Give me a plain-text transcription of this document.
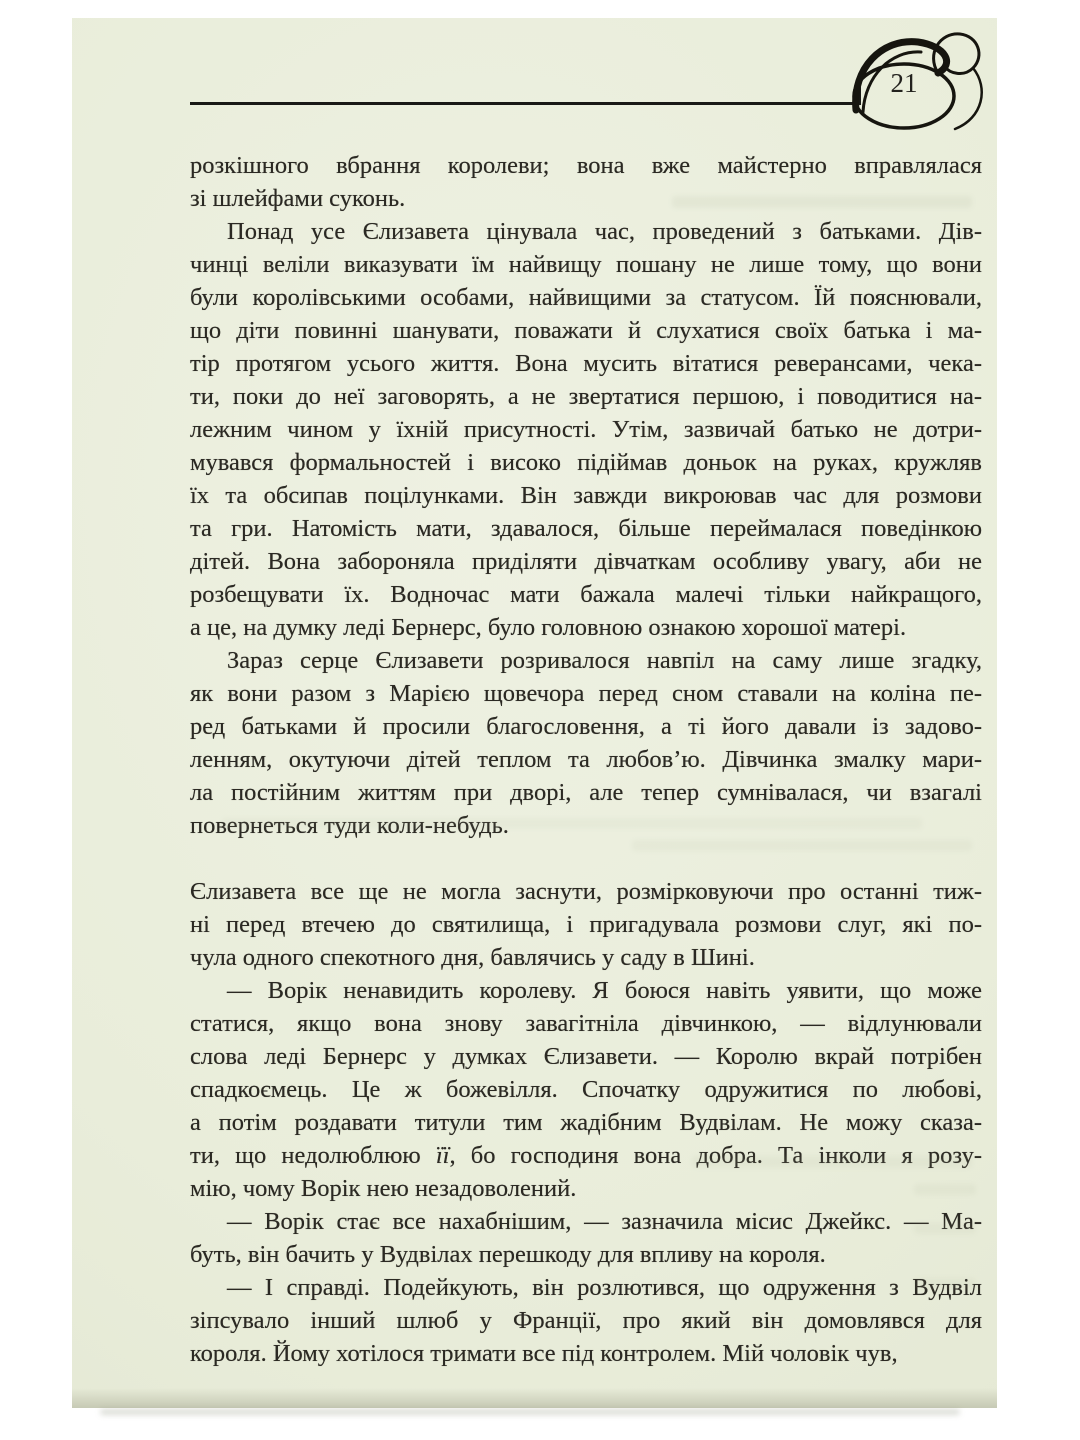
21
розкішного вбрання королеви; вона вже майстерно вправлялася
зі шлейфами суконь.
Понад усе Єлизавета цінувала час, проведений з батьками. Дів-
чинці веліли виказувати їм найвищу пошану не лише тому, що вони
були королівськими особами, найвищими за статусом. Їй пояснювали,
що діти повинні шанувати, поважати й слухатися своїх батька і ма-
тір протягом усього життя. Вона мусить вітатися реверансами, чека-
ти, поки до неї заговорять, а не звертатися першою, і поводитися на-
лежним чином у їхній присутності. Утім, зазвичай батько не дотри-
мувався формальностей і високо підіймав доньок на руках, кружляв
їх та обсипав поцілунками. Він завжди викроював час для розмови
та гри. Натомість мати, здавалося, більше переймалася поведінкою
дітей. Вона забороняла приділяти дівчаткам особливу увагу, аби не
розбещувати їх. Водночас мати бажала малечі тільки найкращого,
а це, на думку леді Бернерс, було головною ознакою хорошої матері.
Зараз серце Єлизавети розривалося навпіл на саму лише згадку,
як вони разом з Марією щовечора перед сном ставали на коліна пе-
ред батьками й просили благословення, а ті його давали із задово-
ленням, окутуючи дітей теплом та любов’ю. Дівчинка змалку мари-
ла постійним життям при дворі, але тепер сумнівалася, чи взагалі
повернеться туди коли-небудь.
Єлизавета все ще не могла заснути, розмірковуючи про останні тиж-
ні перед втечею до святилища, і пригадувала розмови слуг, які по-
чула одного спекотного дня, бавлячись у саду в Шині.
— Ворік ненавидить королеву. Я боюся навіть уявити, що може
статися, якщо вона знову завагітніла дівчинкою, — відлунювали
слова леді Бернерс у думках Єлизавети. — Королю вкрай потрібен
спадкоємець. Це ж божевілля. Спочатку одружитися по любові,
а потім роздавати титули тим жадібним Вудвілам. Не можу сказа-
ти, що недолюблюю її, бо господиня вона добра. Та інколи я розу-
мію, чому Ворік нею незадоволений.
— Ворік стає все нахабнішим, — зазначила місис Джейкс. — Ма-
буть, він бачить у Вудвілах перешкоду для впливу на короля.
— І справді. Подейкують, він розлютився, що одруження з Вудвіл
зіпсувало інший шлюб у Франції, про який він домовлявся для
короля. Йому хотілося тримати все під контролем. Мій чоловік чув,
